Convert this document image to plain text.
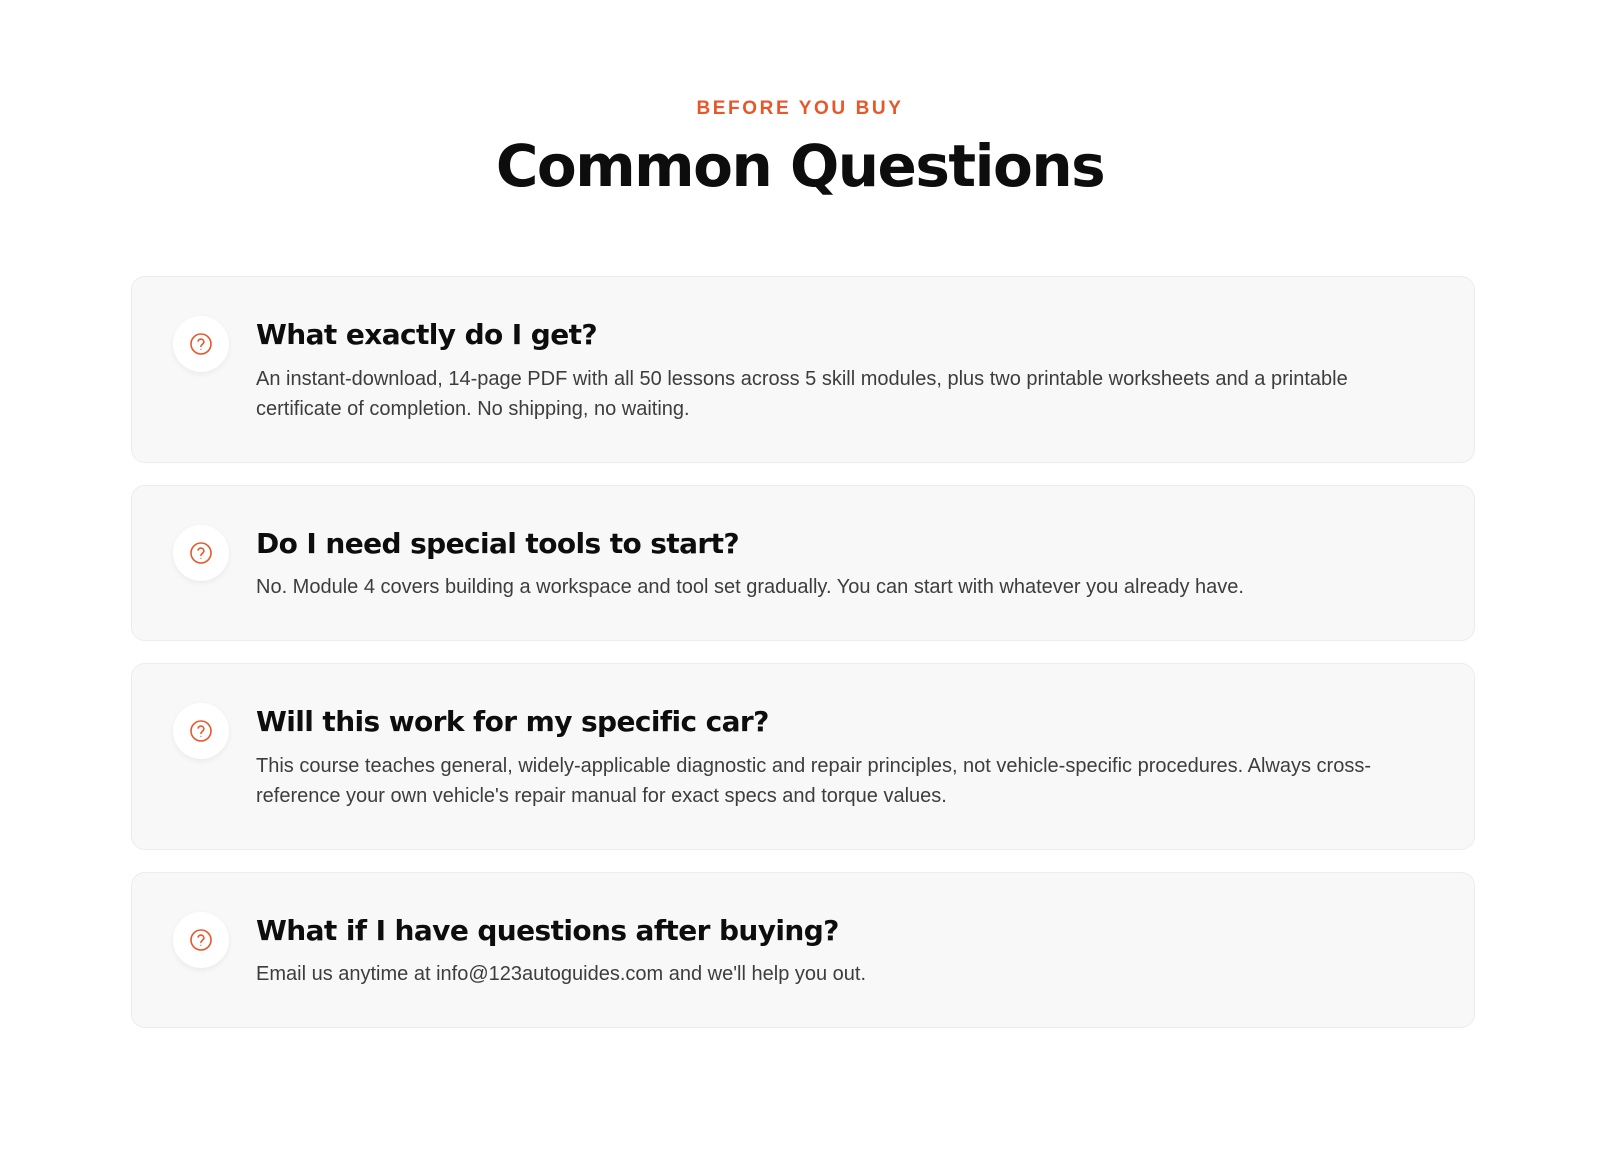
BEFORE YOU BUY
Common Questions
What exactly do I get?

An instant-download, 14-page PDF with all 50 lessons across 5 skill modules, plus two printable worksheets and a printable certificate of completion. No shipping, no waiting.

Do I need special tools to start?

No. Module 4 covers building a workspace and tool set gradually. You can start with whatever you already have.

Will this work for my specific car?

This course teaches general, widely-applicable diagnostic and repair principles, not vehicle-specific procedures. Always cross-reference your own vehicle's repair manual for exact specs and torque values.

What if I have questions after buying?

Email us anytime at info@123autoguides.com and we'll help you out.
